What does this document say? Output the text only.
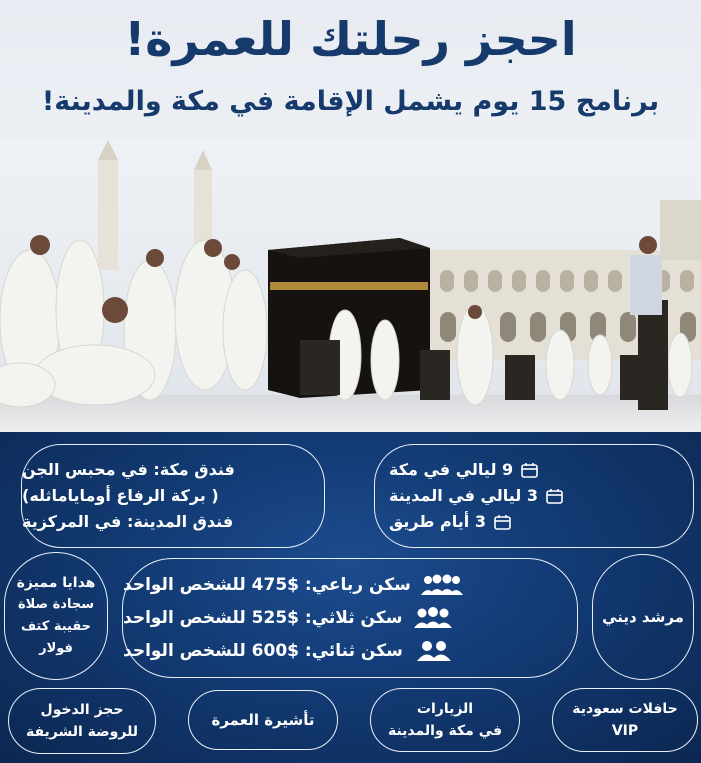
احجز رحلتك للعمرة!
برنامج 15 يوم يشمل الإقامة في مكة والمدينة!
فندق مكة: في محبس الجن
( بركة الرفاع أوماياماثله)
فندق المدينة: في المركزية
9 ليالي في مكة
3 ليالي في المدينة
3 أيام طريق
هدايا مميزة
سجادة صلاة
حقيبة كتف
فولار
سكن رباعي: $475 للشخص الواحد
سكن ثلاثي: $525 للشخص الواحد
سكن ثنائي: $600 للشخص الواحد
مرشد ديني
حجز الدخول
للروضة الشريفة
تأشيرة العمرة
الزيارات
في مكة والمدينة
حافلات سعودية
VIP
